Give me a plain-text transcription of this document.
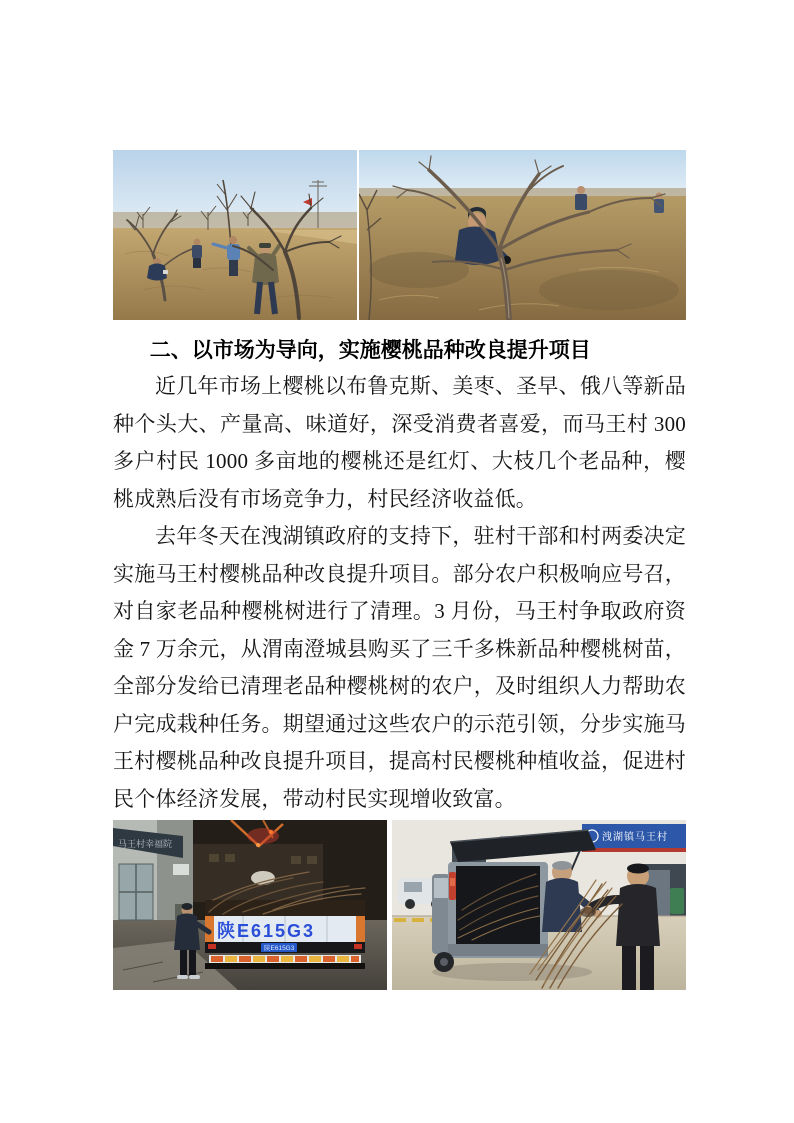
二、以市场为导向，实施樱桃品种改良提升项目

近几年市场上樱桃以布鲁克斯、美枣、圣早、俄八等新品种个头大、产量高、味道好，深受消费者喜爱，而马王村 300 多户村民 1000 多亩地的樱桃还是红灯、大枝几个老品种，樱桃成熟后没有市场竞争力，村民经济收益低。

去年冬天在洩湖镇政府的支持下，驻村干部和村两委决定实施马王村樱桃品种改良提升项目。部分农户积极响应号召，对自家老品种樱桃树进行了清理。3 月份，马王村争取政府资金 7 万余元，从渭南澄城县购买了三千多株新品种樱桃树苗，全部分发给已清理老品种樱桃树的农户，及时组织人力帮助农户完成栽种任务。期望通过这些农户的示范引领，分步实施马王村樱桃品种改良提升项目，提高村民樱桃种植收益，促进村民个体经济发展，带动村民实现增收致富。

马王村幸福院
陕E615G3
陕E615G3
洩湖镇马王村
